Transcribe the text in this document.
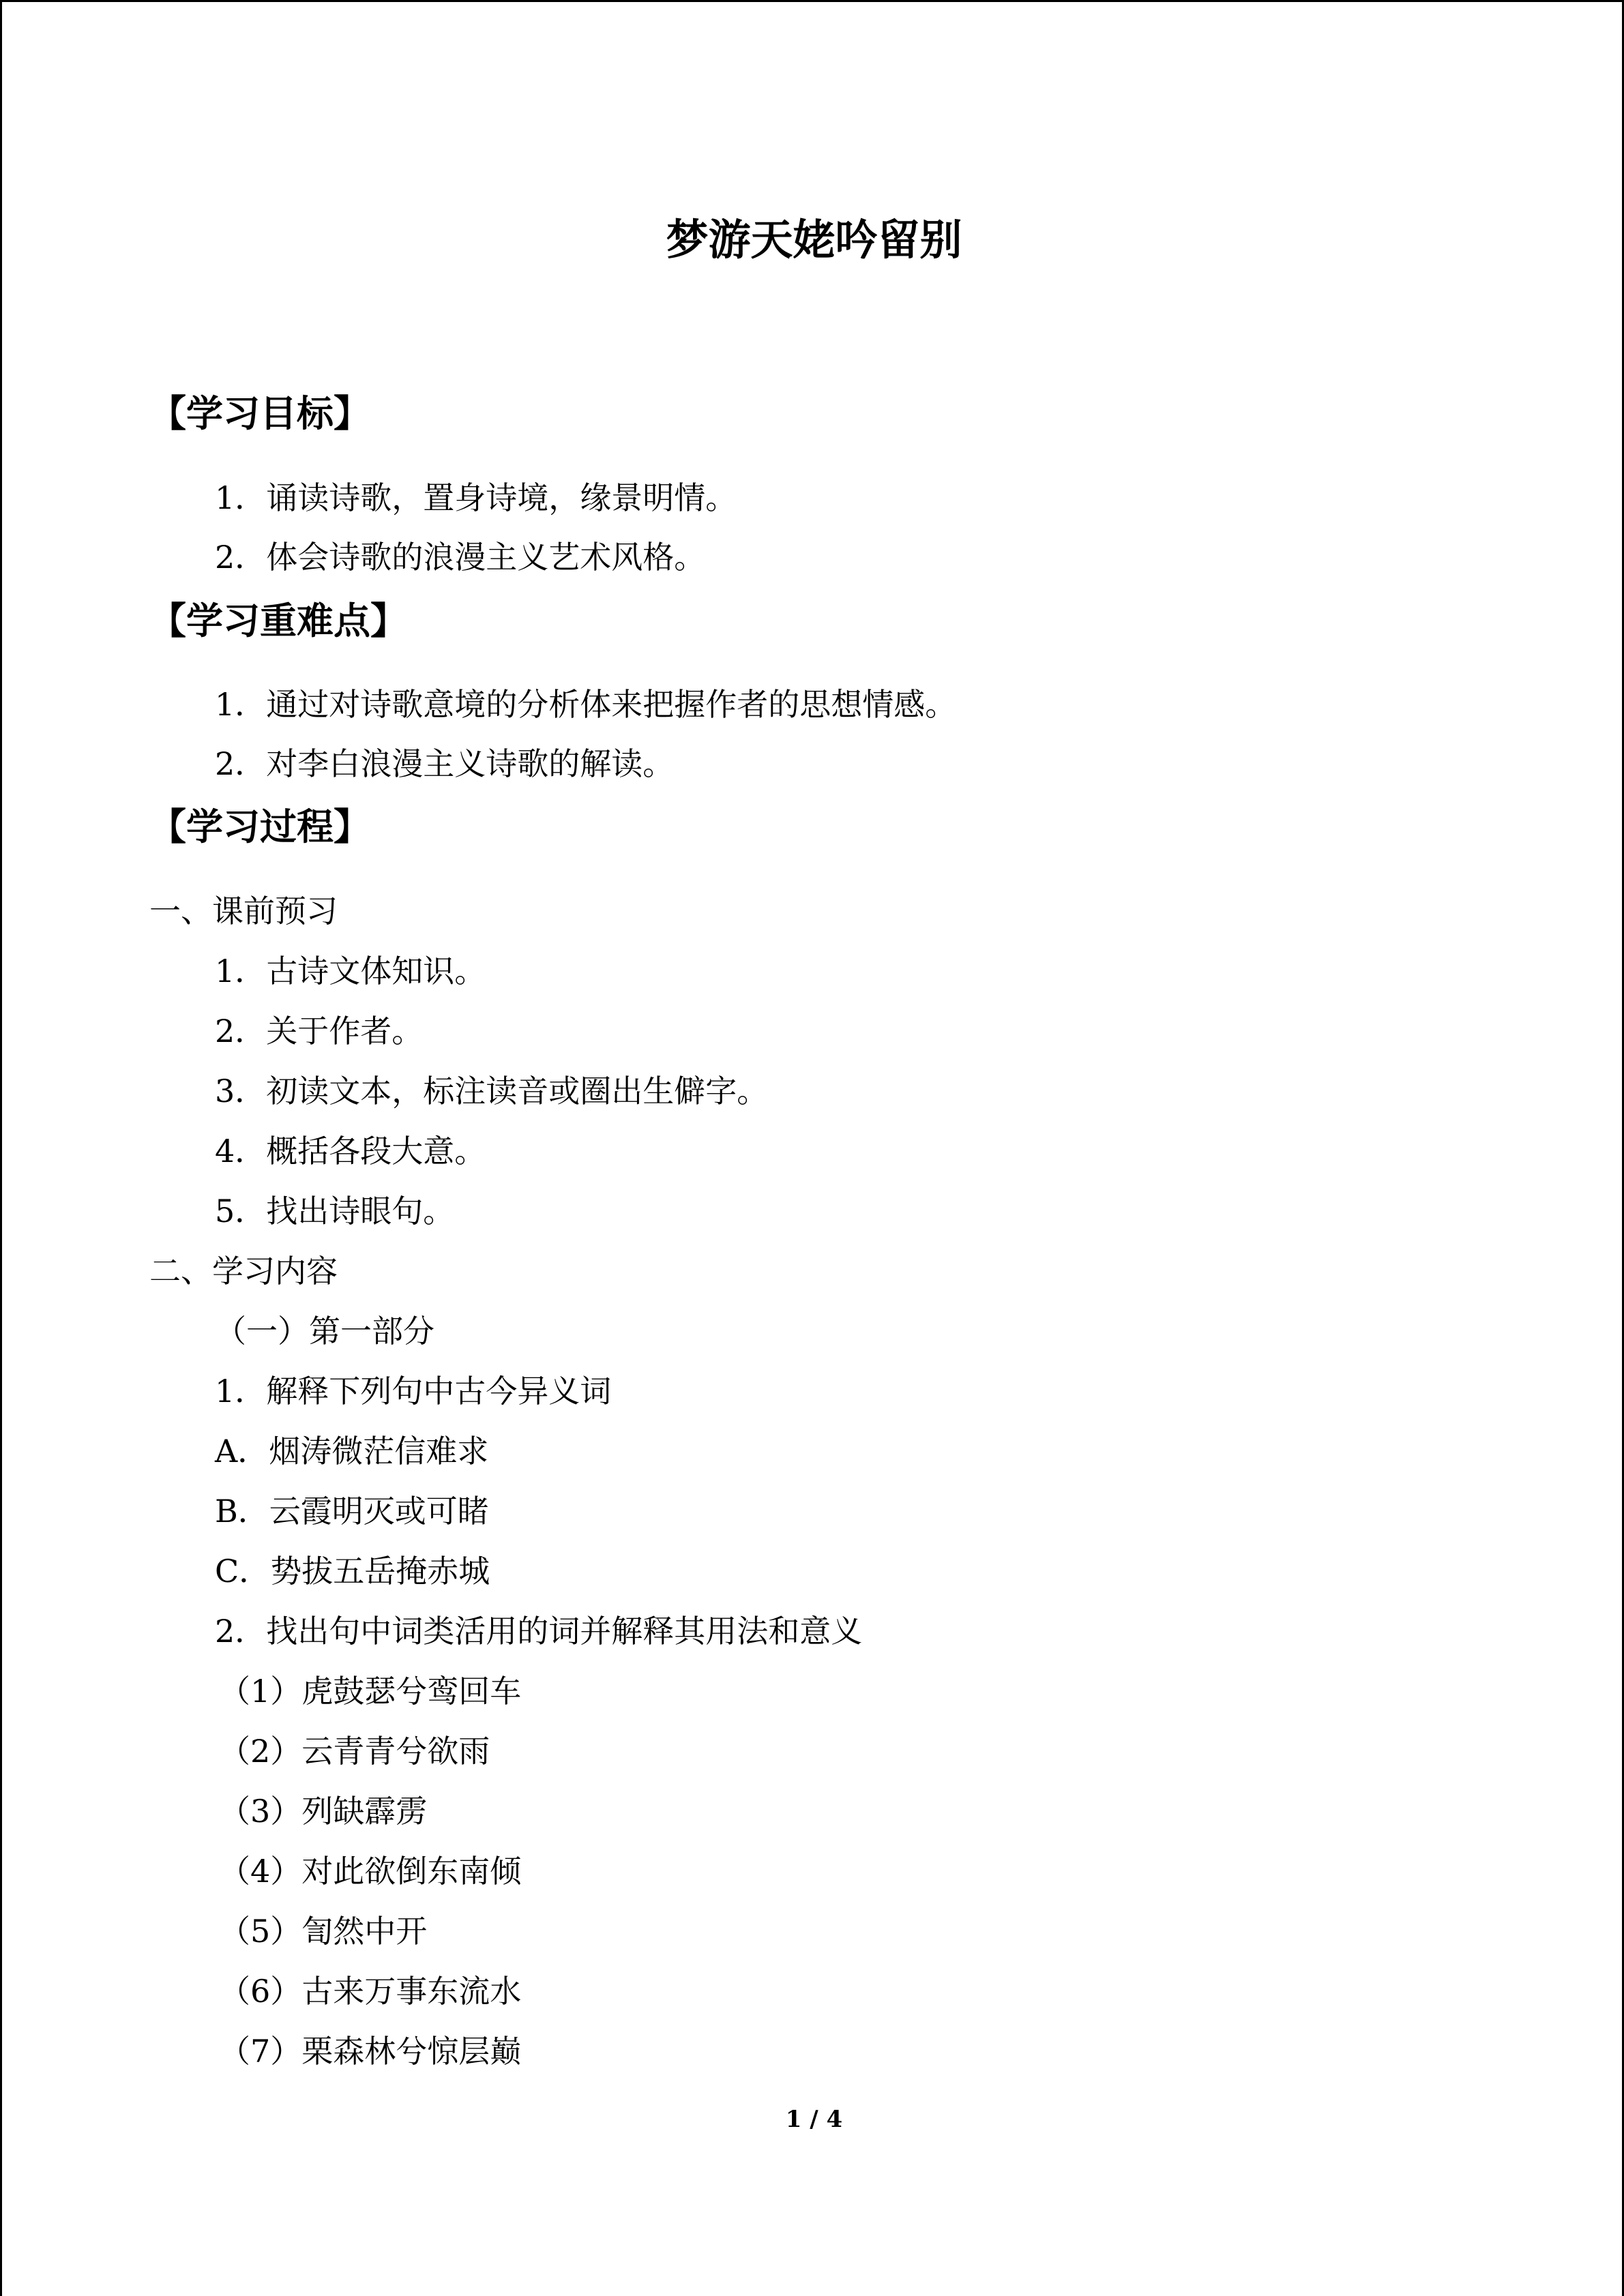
梦游天姥吟留别
【学习目标】
1．诵读诗歌，置身诗境，缘景明情。
2．体会诗歌的浪漫主义艺术风格。
【学习重难点】
1．通过对诗歌意境的分析体来把握作者的思想情感。
2．对李白浪漫主义诗歌的解读。
【学习过程】
一、课前预习
1．古诗文体知识。
2．关于作者。
3．初读文本，标注读音或圈出生僻字。
4．概括各段大意。
5．找出诗眼句。
二、学习内容
（一）第一部分
1．解释下列句中古今异义词
A．烟涛微茫信难求
B．云霞明灭或可睹
C．势拔五岳掩赤城
2．找出句中词类活用的词并解释其用法和意义
（1）虎鼓瑟兮鸾回车
（2）云青青兮欲雨
（3）列缺霹雳
（4）对此欲倒东南倾
（5）訇然中开
（6）古来万事东流水
（7）栗森林兮惊层巅
1 / 4
